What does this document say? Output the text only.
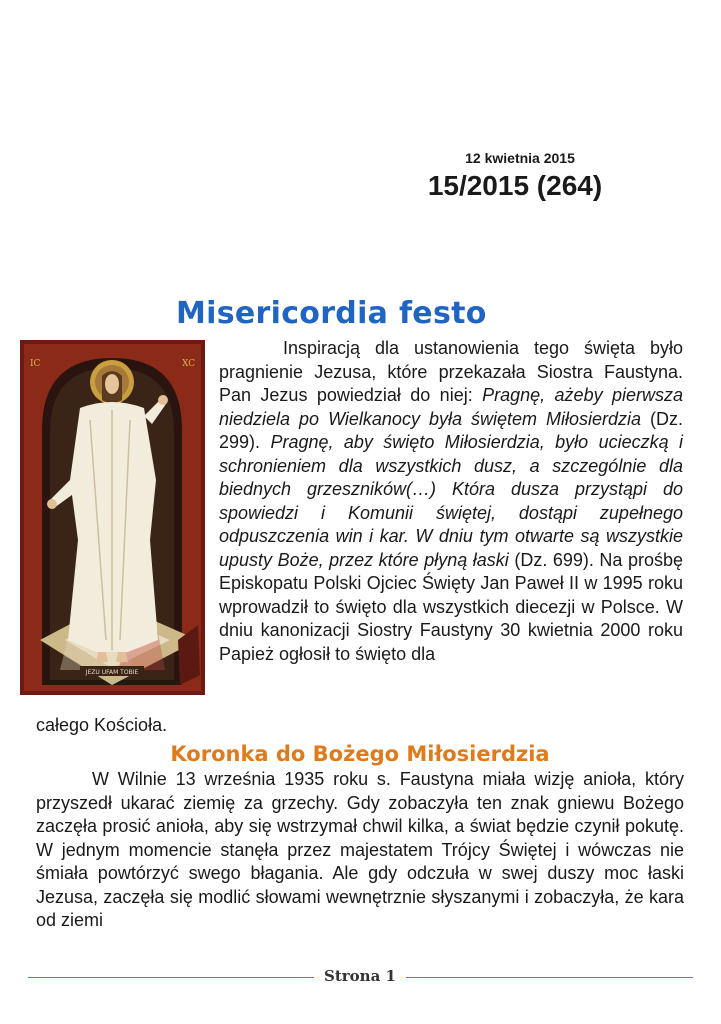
12 kwietnia 2015
15/2015 (264)
Misericordia festo
JEZU UFAM TOBIE
IC	XC
Inspiracją dla ustanowienia tego święta było pragnienie Jezusa, które przekazała Siostra Faustyna. Pan Jezus powiedział do niej: Pragnę, ażeby pierwsza niedziela po Wielkanocy była świętem Miłosierdzia (Dz. 299). Pragnę, aby święto Miłosierdzia, było ucieczką i schronieniem dla wszystkich dusz, a szczególnie dla biednych grzeszników(…) Która dusza przystąpi do spowiedzi i Komunii świętej, dostąpi zupełnego odpuszczenia win i kar. W dniu tym otwarte są wszystkie upusty Boże, przez które płyną łaski (Dz. 699). Na prośbę Episkopatu Polski Ojciec Święty Jan Paweł II w 1995 roku wprowadził to święto dla wszystkich diecezji w Polsce. W dniu kanonizacji Siostry Faustyny 30 kwietnia 2000 roku Papież ogłosił to święto dla
całego Kościoła.
Koronka do Bożego Miłosierdzia
W Wilnie 13 września 1935 roku s. Faustyna miała wizję anioła, który przyszedł ukarać ziemię za grzechy. Gdy zobaczyła ten znak gniewu Bożego zaczęła prosić anioła, aby się wstrzymał chwil kilka, a świat będzie czynił pokutę. W jednym momencie stanęła przez majestatem Trójcy Świętej i wówczas nie śmiała powtórzyć swego błagania. Ale gdy odczuła w swej duszy moc łaski Jezusa, zaczęła się modlić słowami wewnętrznie słyszanymi i zobaczyła, że kara od ziemi
Strona 1
